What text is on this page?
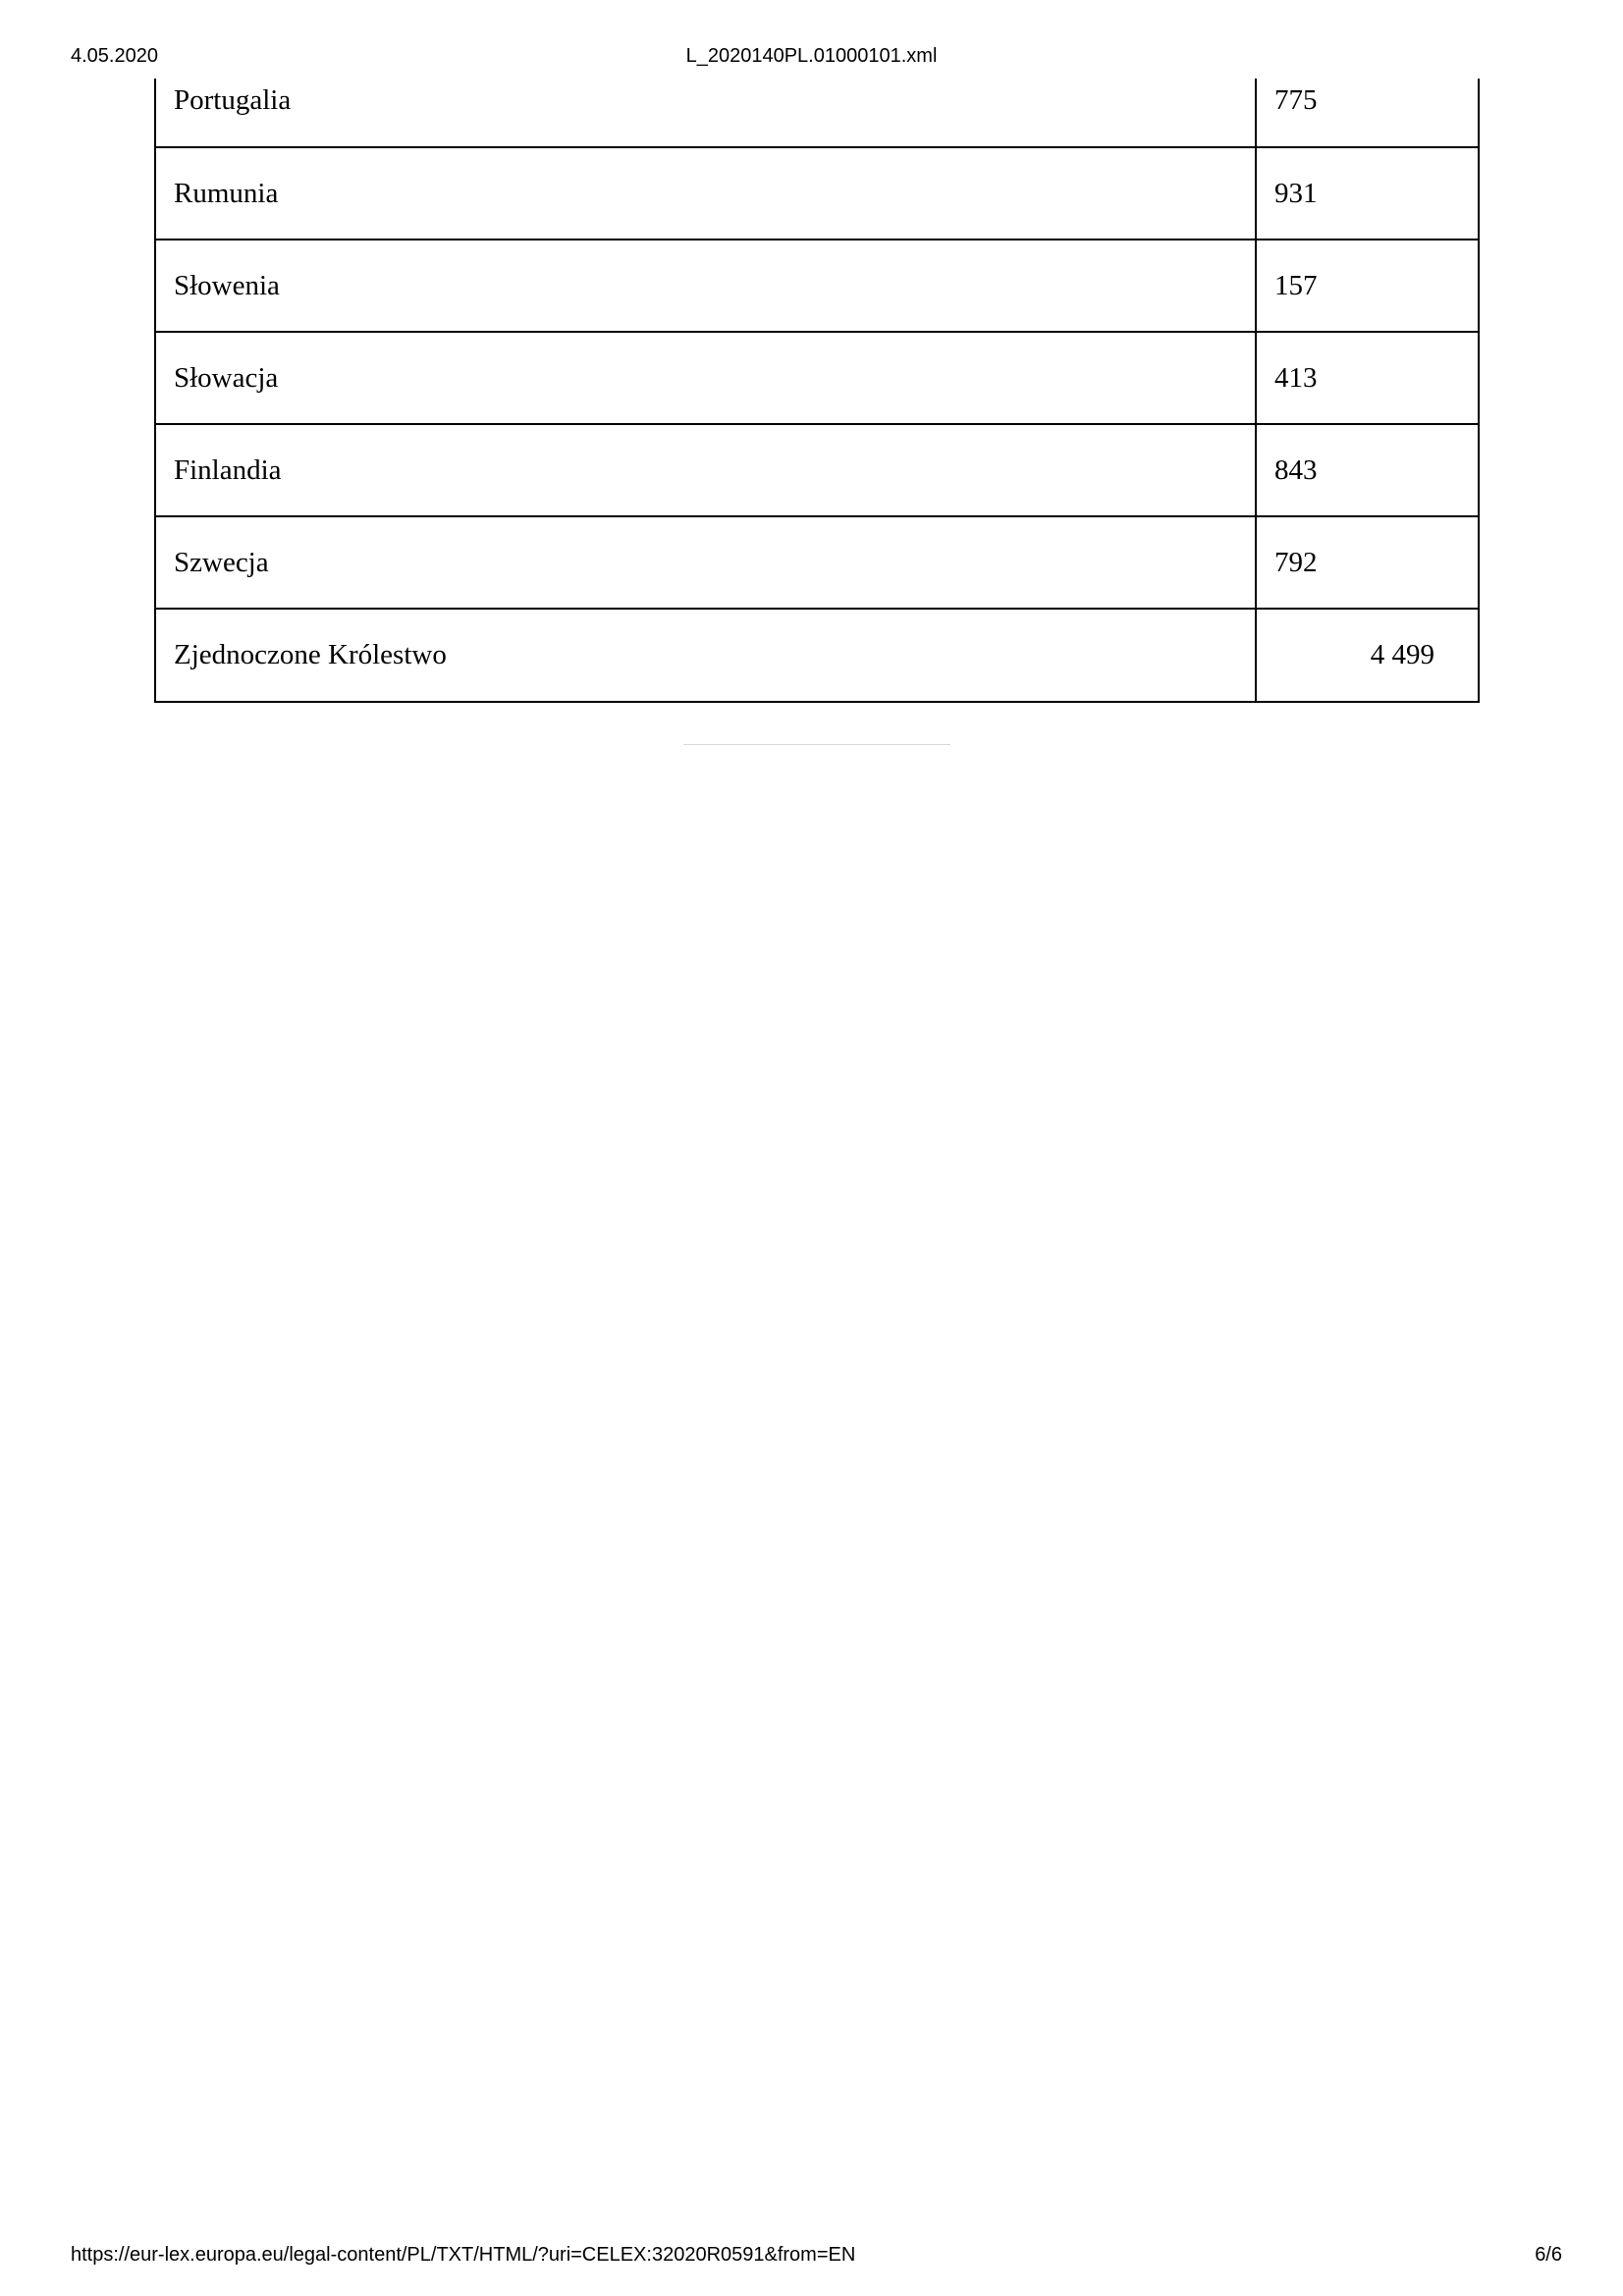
4.05.2020	L_2020140PL.01000101.xml
Portugalia	775
Rumunia	931
Słowenia	157
Słowacja	413
Finlandia	843
Szwecja	792
Zjednoczone Królestwo	4 499
https://eur-lex.europa.eu/legal-content/PL/TXT/HTML/?uri=CELEX:32020R0591&from=EN	6/6
